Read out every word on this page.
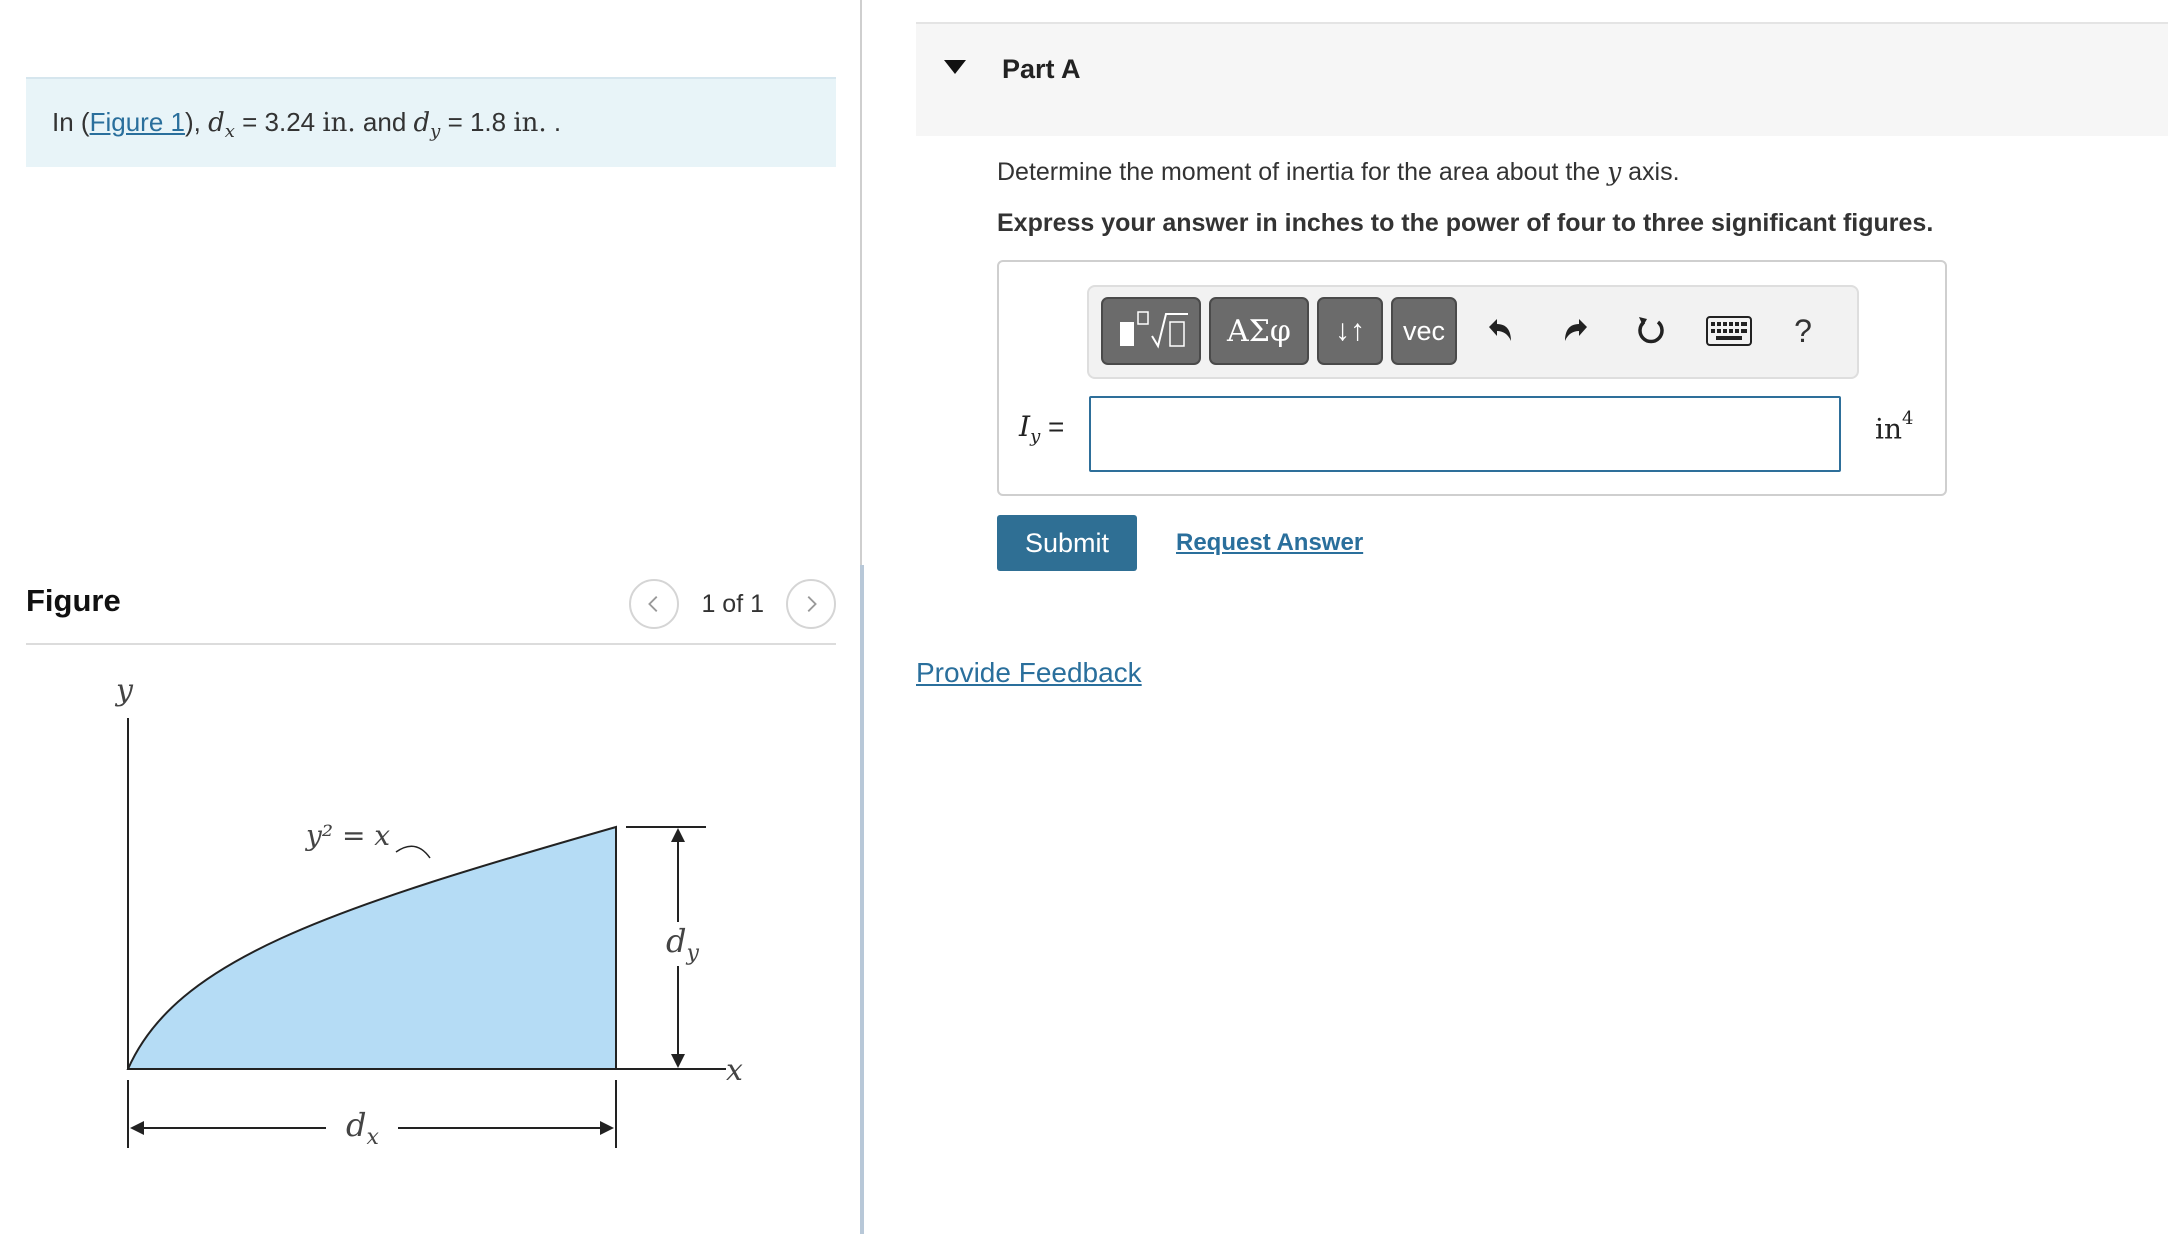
In (Figure 1), $d_x = 3.24$ in. and $d_y = 1.8$ in. .
Figure	1 of 1
y
x
y² = x
$d_y$
$d_x$
Part A
Determine the moment of inertia for the area about the y axis.
Express your answer in inches to the power of four to three significant figures.
ΑΣφ	↓↑	vec	?
$I_y$ =	$in^4$
Submit	Request Answer
Provide Feedback
